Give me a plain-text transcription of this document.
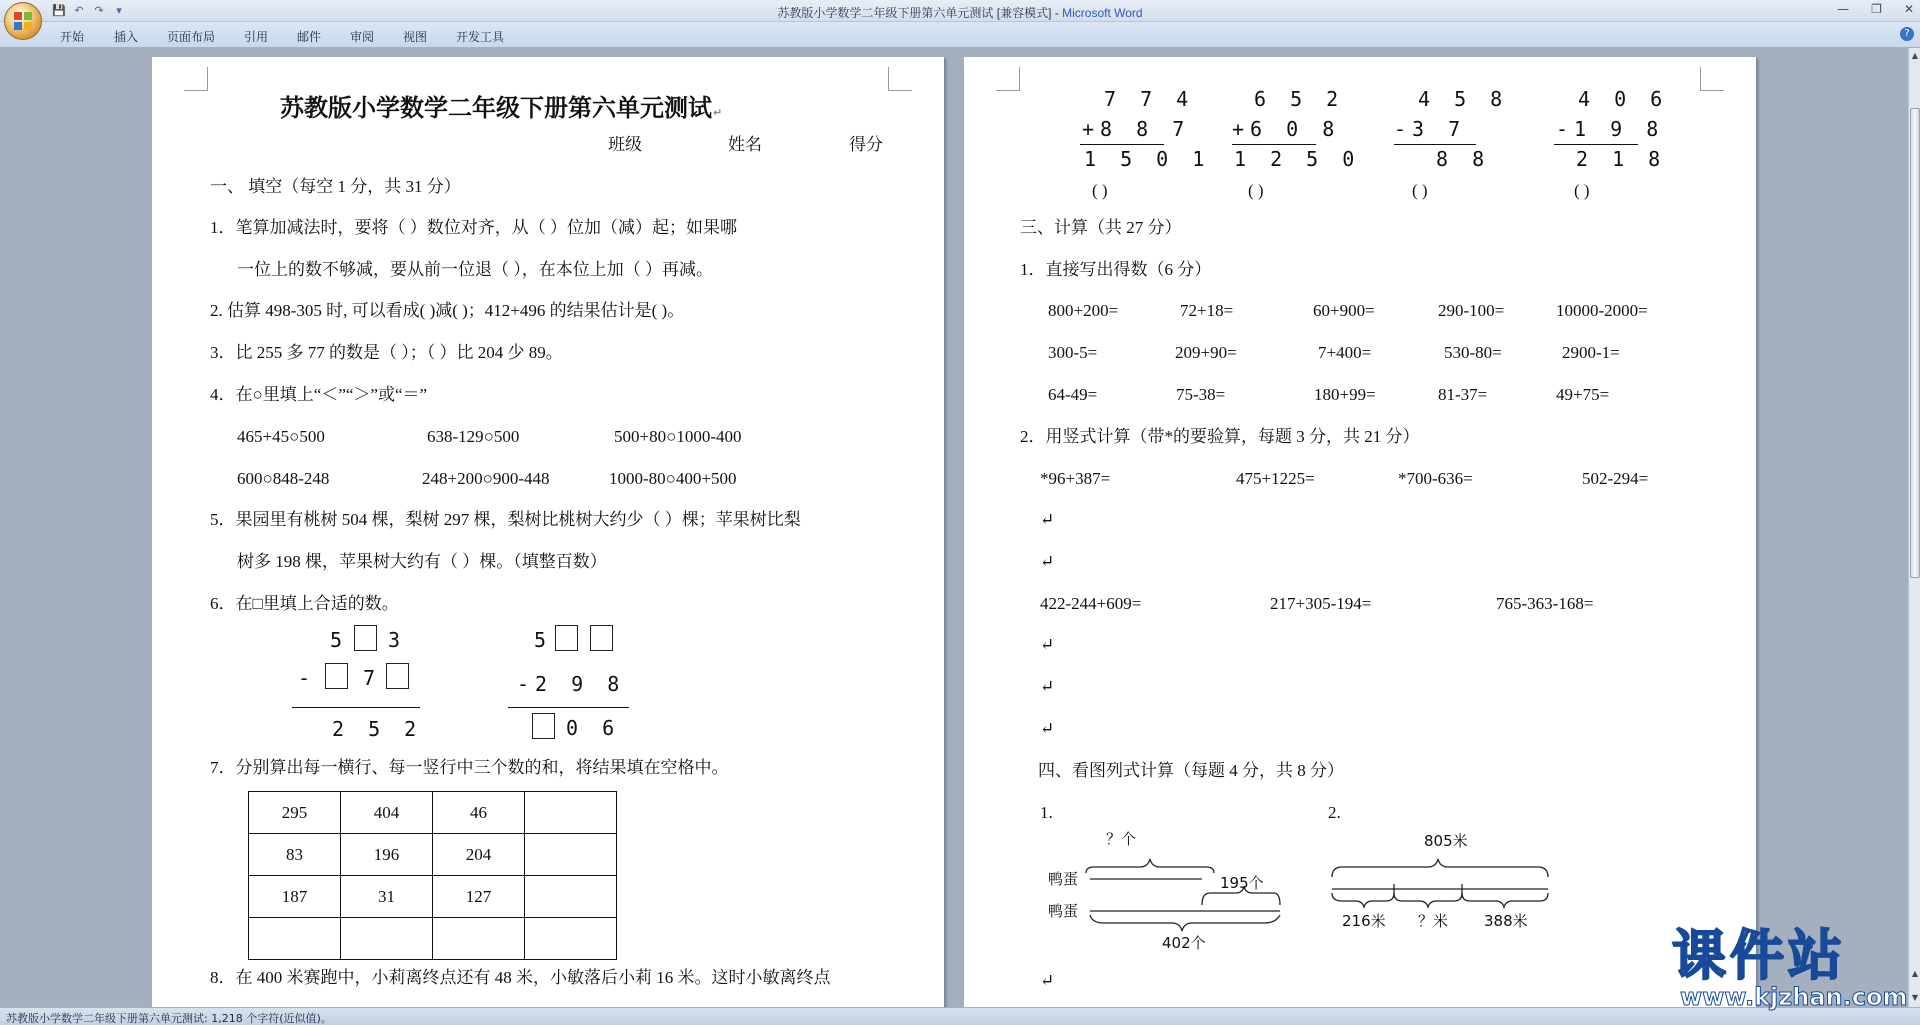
💾 ↶ ↷	▾	苏教版小学数学二年级下册第六单元测试 [兼容模式] - Microsoft Word	— ❐ ✕
开始 插入 页面布局 引用 邮件 审阅 视图 开发工具	?
苏教版小学数学二年级下册第六单元测试↵
班级	姓名	得分
一、 填空（每空 1 分，共 31 分）
1．笔算加减法时，要将（ ）数位对齐，从（ ）位加（减）起；如果哪
一位上的数不够减，要从前一位退（ ），在本位上加（ ）再减。
2. 估算 498-305 时, 可以看成( )减( )；412+496 的结果估计是( )。
3．比 255 多 77 的数是（ ）；（ ）比 204 少 89。
4．在○里填上“＜”“＞”或“＝”
465+45○500	638-129○500	500+80○1000-400
600○848-248	248+200○900-448	1000-80○400+500
5．果园里有桃树 504 棵，梨树 297 棵，梨树比桃树大约少（ ）棵；苹果树比梨
树多 198 棵，苹果树大约有（ ）棵。（填整百数）
6．在□里填上合适的数。
5 3
- 7
2 5 2
5
-2 9 8
0 6
7．分别算出每一横行、每一竖行中三个数的和，将结果填在空格中。
295	404	46	
83	196	204	
187	31	127	

8．在 400 米赛跑中，小莉离终点还有 48 米，小敏落后小莉 16 米。这时小敏离终点
7 7 4
+8 8 7
1 5 0 1
( )
6 5 2
+6 0 8
1 2 5 0
( )
4 5 8
-3 7
8 8
( )
4 0 6
-1 9 8
2 1 8
( )
三、计算（共 27 分）
1．直接写出得数（6 分）
800+200=	72+18=	60+900=	290-100=	10000-2000=
300-5=	209+90=	7+400=	530-80=	2900-1=
64-49=	75-38=	180+99=	81-37=	49+75=
2．用竖式计算（带*的要验算，每题 3 分，共 21 分）
*96+387=	475+1225=	*700-636=	502-294=
↵
↵
422-244+609=	217+305-194=	765-363-168=
↵
↵
↵
四、看图列式计算（每题 4 分，共 8 分）
1.	2.
？个
鸭蛋	195个
鸭蛋
402个
805米
216米 ？米 388米
↵
▲
▲
▼
苏教版小学数学二年级下册第六单元测试: 1,218 个字符(近似值)。
课件站
www.kjzhan.com
